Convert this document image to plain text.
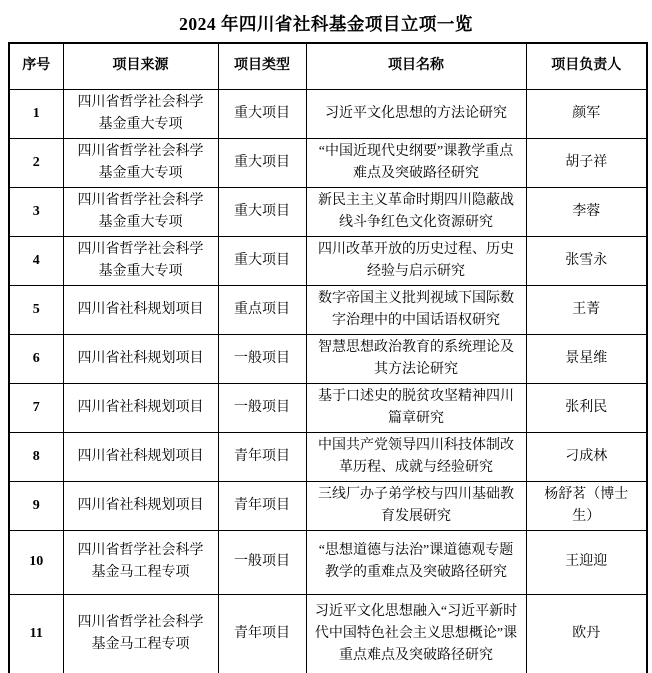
2024 年四川省社科基金项目立项一览
序号	项目来源	项目类型	项目名称	项目负责人
1	四川省哲学社会科学基金重大专项	重大项目	习近平文化思想的方法论研究	颜军
2	四川省哲学社会科学基金重大专项	重大项目	“中国近现代史纲要”课教学重点难点及突破路径研究	胡子祥
3	四川省哲学社会科学基金重大专项	重大项目	新民主主义革命时期四川隐蔽战线斗争红色文化资源研究	李蓉
4	四川省哲学社会科学基金重大专项	重大项目	四川改革开放的历史过程、历史经验与启示研究	张雪永
5	四川省社科规划项目	重点项目	数字帝国主义批判视域下国际数字治理中的中国话语权研究	王菁
6	四川省社科规划项目	一般项目	智慧思想政治教育的系统理论及其方法论研究	景星维
7	四川省社科规划项目	一般项目	基于口述史的脱贫攻坚精神四川篇章研究	张利民
8	四川省社科规划项目	青年项目	中国共产党领导四川科技体制改革历程、成就与经验研究	刁成林
9	四川省社科规划项目	青年项目	三线厂办子弟学校与四川基础教育发展研究	杨舒茗（博士生）
10	四川省哲学社会科学基金马工程专项	一般项目	“思想道德与法治”课道德观专题教学的重难点及突破路径研究	王迎迎
11	四川省哲学社会科学基金马工程专项	青年项目	习近平文化思想融入“习近平新时代中国特色社会主义思想概论”课重点难点及突破路径研究	欧丹
